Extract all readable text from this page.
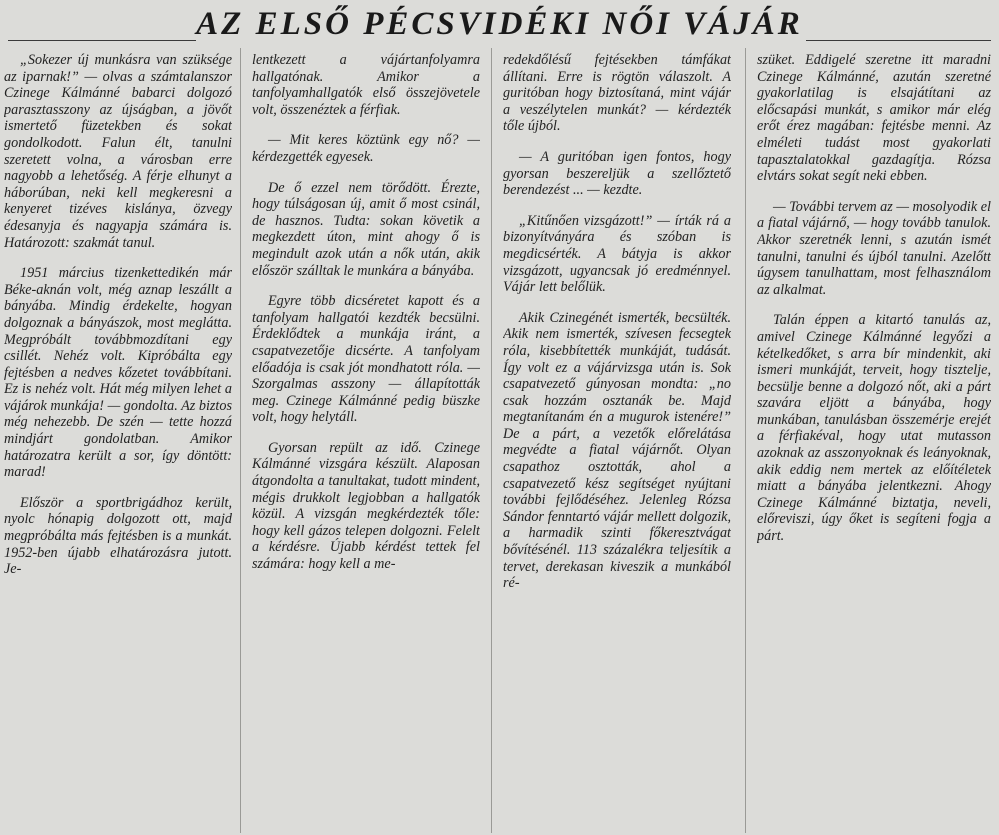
AZ ELSŐ PÉCSVIDÉKI NŐI VÁJÁR

„Sokezer új munkásra van szüksége az iparnak!” — olvas a számtalanszor Czinege Kálmánné babarci dolgozó parasztasszony az újságban, a jövőt ismertető füzetekben és sokat gondolkodott. Falun élt, tanulni szeretett volna, a városban erre nagyobb a lehetőség. A férje elhunyt a háborúban, neki kell megkeresni a kenyeret tizéves kislánya, özvegy édesanyja és nagyapja számára is. Határozott: szakmát tanul.

1951 március tizenkettedikén már Béke-aknán volt, még aznap leszállt a bányába. Mindig érdekelte, hogyan dolgoznak a bányászok, most meglátta. Megpróbált továbbmozdítani egy csillét. Nehéz volt. Kipróbálta egy fejtésben a nedves kőzetet továbbítani. Ez is nehéz volt. Hát még milyen lehet a vájárok munkája! — gondolta. Az biztos még nehezebb. De szén — tette hozzá mindjárt gondolatban. Amikor határozatra került a sor, így döntött: marad!

Először a sportbrigádhoz került, nyolc hónapig dolgozott ott, majd megpróbálta más fejtésben is a munkát. 1952-ben újabb elhatározásra jutott. Je-

lentkezett a vájártanfolyamra hallgatónak. Amikor a tanfolyamhallgatók első összejövetele volt, összenéztek a férfiak.

— Mit keres köztünk egy nő? — kérdezgették egyesek.

De ő ezzel nem törődött. Érezte, hogy túlságosan új, amit ő most csinál, de hasznos. Tudta: sokan követik a megkezdett úton, mint ahogy ő is megindult azok után a nők után, akik először szálltak le munkára a bányába.

Egyre több dicséretet kapott és a tanfolyam hallgatói kezdték becsülni. Érdeklődtek a munkája iránt, a csapatvezetője dicsérte. A tanfolyam előadója is csak jót mondhatott róla. — Szorgalmas asszony — állapították meg. Czinege Kálmánné pedig büszke volt, hogy helytáll.

Gyorsan repült az idő. Czinege Kálmánné vizsgára készült. Alaposan átgondolta a tanultakat, tudott mindent, mégis drukkolt legjobban a hallgatók közül. A vizsgán megkérdezték tőle: hogy kell gázos telepen dolgozni. Felelt a kérdésre. Újabb kérdést tettek fel számára: hogy kell a me-

redekdőlésű fejtésekben támfákat állítani. Erre is rögtön válaszolt. A guritóban hogy biztosítaná, mint vájár a veszélytelen munkát? — kérdezték tőle újból.

— A guritóban igen fontos, hogy gyorsan beszereljük a szellőztető berendezést ... — kezdte.

„Kitűnően vizsgázott!” — írták rá a bizonyítványára és szóban is megdicsérték. A bátyja is akkor vizsgázott, ugyancsak jó eredménnyel. Vájár lett belőlük.

Akik Czinegénét ismerték, becsülték. Akik nem ismerték, szívesen fecsegtek róla, kisebbítették munkáját, tudását. Így volt ez a vájárvizsga után is. Sok csapatvezető gúnyosan mondta: „no csak hozzám osztanák be. Majd megtanítanám én a mugurok istenére!” De a párt, a vezetők előrelátása megvédte a fiatal vájárnőt. Olyan csapathoz osztották, ahol a csapatvezető kész segítséget nyújtani további fejlődéséhez. Jelenleg Rózsa Sándor fenntartó vájár mellett dolgozik, a harmadik szinti főkeresztvágat bővítésénél. 113 százalékra teljesítik a tervet, derekasan kiveszik a munkából ré-

szüket. Eddigelé szeretne itt maradni Czinege Kálmánné, azután szeretné gyakorlatilag is elsajátítani az előcsapási munkát, s amikor már elég erőt érez magában: fejtésbe menni. Az elméleti tudást most gyakorlati tapasztalatokkal gazdagítja. Rózsa elvtárs sokat segít neki ebben.

— További tervem az — mosolyodik el a fiatal vájárnő, — hogy tovább tanulok. Akkor szeretnék lenni, s azután ismét tanulni, tanulni és újból tanulni. Azelőtt úgysem tanulhattam, most felhasználom az alkalmat.

Talán éppen a kitartó tanulás az, amivel Czinege Kálmánné legyőzi a kételkedőket, s arra bír mindenkit, aki ismeri munkáját, terveit, hogy tisztelje, becsülje benne a dolgozó nőt, aki a párt szavára eljött a bányába, hogy munkában, tanulásban összemérje erejét a férfiakéval, hogy utat mutasson azoknak az asszonyoknak és leányoknak, akik eddig nem mertek az előítéletek miatt a bányába jelentkezni. Ahogy Czinege Kálmánné biztatja, neveli, előreviszi, úgy őket is segíteni fogja a párt.
